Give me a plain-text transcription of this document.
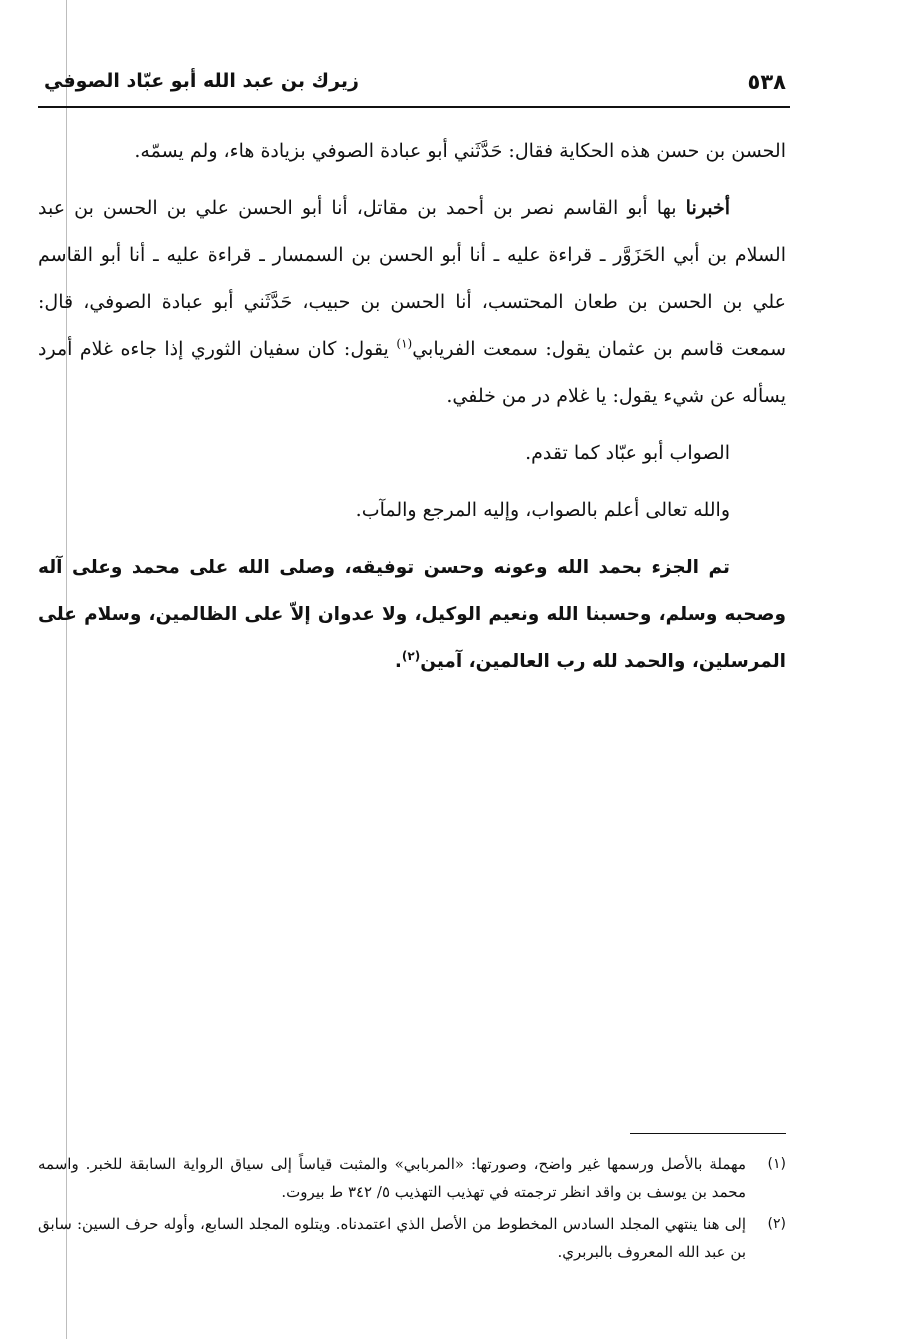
٥٣٨
زيرك بن عبد الله أبو عبّاد الصوفي

الحسن بن حسن هذه الحكاية فقال: حَدَّثَني أبو عبادة الصوفي بزيادة هاء، ولم يسمّه.

أخبرنا بها أبو القاسم نصر بن أحمد بن مقاتل، أنا أبو الحسن علي بن الحسن بن عبد السلام بن أبي الحَزَوَّر ـ قراءة عليه ـ أنا أبو الحسن بن السمسار ـ قراءة عليه ـ أنا أبو القاسم علي بن الحسن بن طعان المحتسب، أنا الحسن بن حبيب، حَدَّثَني أبو عبادة الصوفي، قال: سمعت قاسم بن عثمان يقول: سمعت الفريابي$^{(١)}$ يقول: كان سفيان الثوري إذا جاءه غلام أمرد يسأله عن شيء يقول: يا غلام در من خلفي.

الصواب أبو عبّاد كما تقدم.

والله تعالى أعلم بالصواب، وإليه المرجع والمآب.

تم الجزء بحمد الله وعونه وحسن توفيقه، وصلى الله على محمد وعلى آله وصحبه وسلم، وحسبنا الله ونعيم الوكيل، ولا عدوان إلاّ على الظالمين، وسلام على المرسلين، والحمد لله رب العالمين، آمين$^{(٢)}$.

(١)
مهملة بالأصل ورسمها غير واضح، وصورتها: «المربابي» والمثبت قياساً إلى سياق الرواية السابقة للخبر. واسمه محمد بن يوسف بن واقد انظر ترجمته في تهذيب التهذيب ٥/ ٣٤٢ ط بيروت.
(٢)
إلى هنا ينتهي المجلد السادس المخطوط من الأصل الذي اعتمدناه. ويتلوه المجلد السابع، وأوله حرف السين: سابق بن عبد الله المعروف بالبربري.
